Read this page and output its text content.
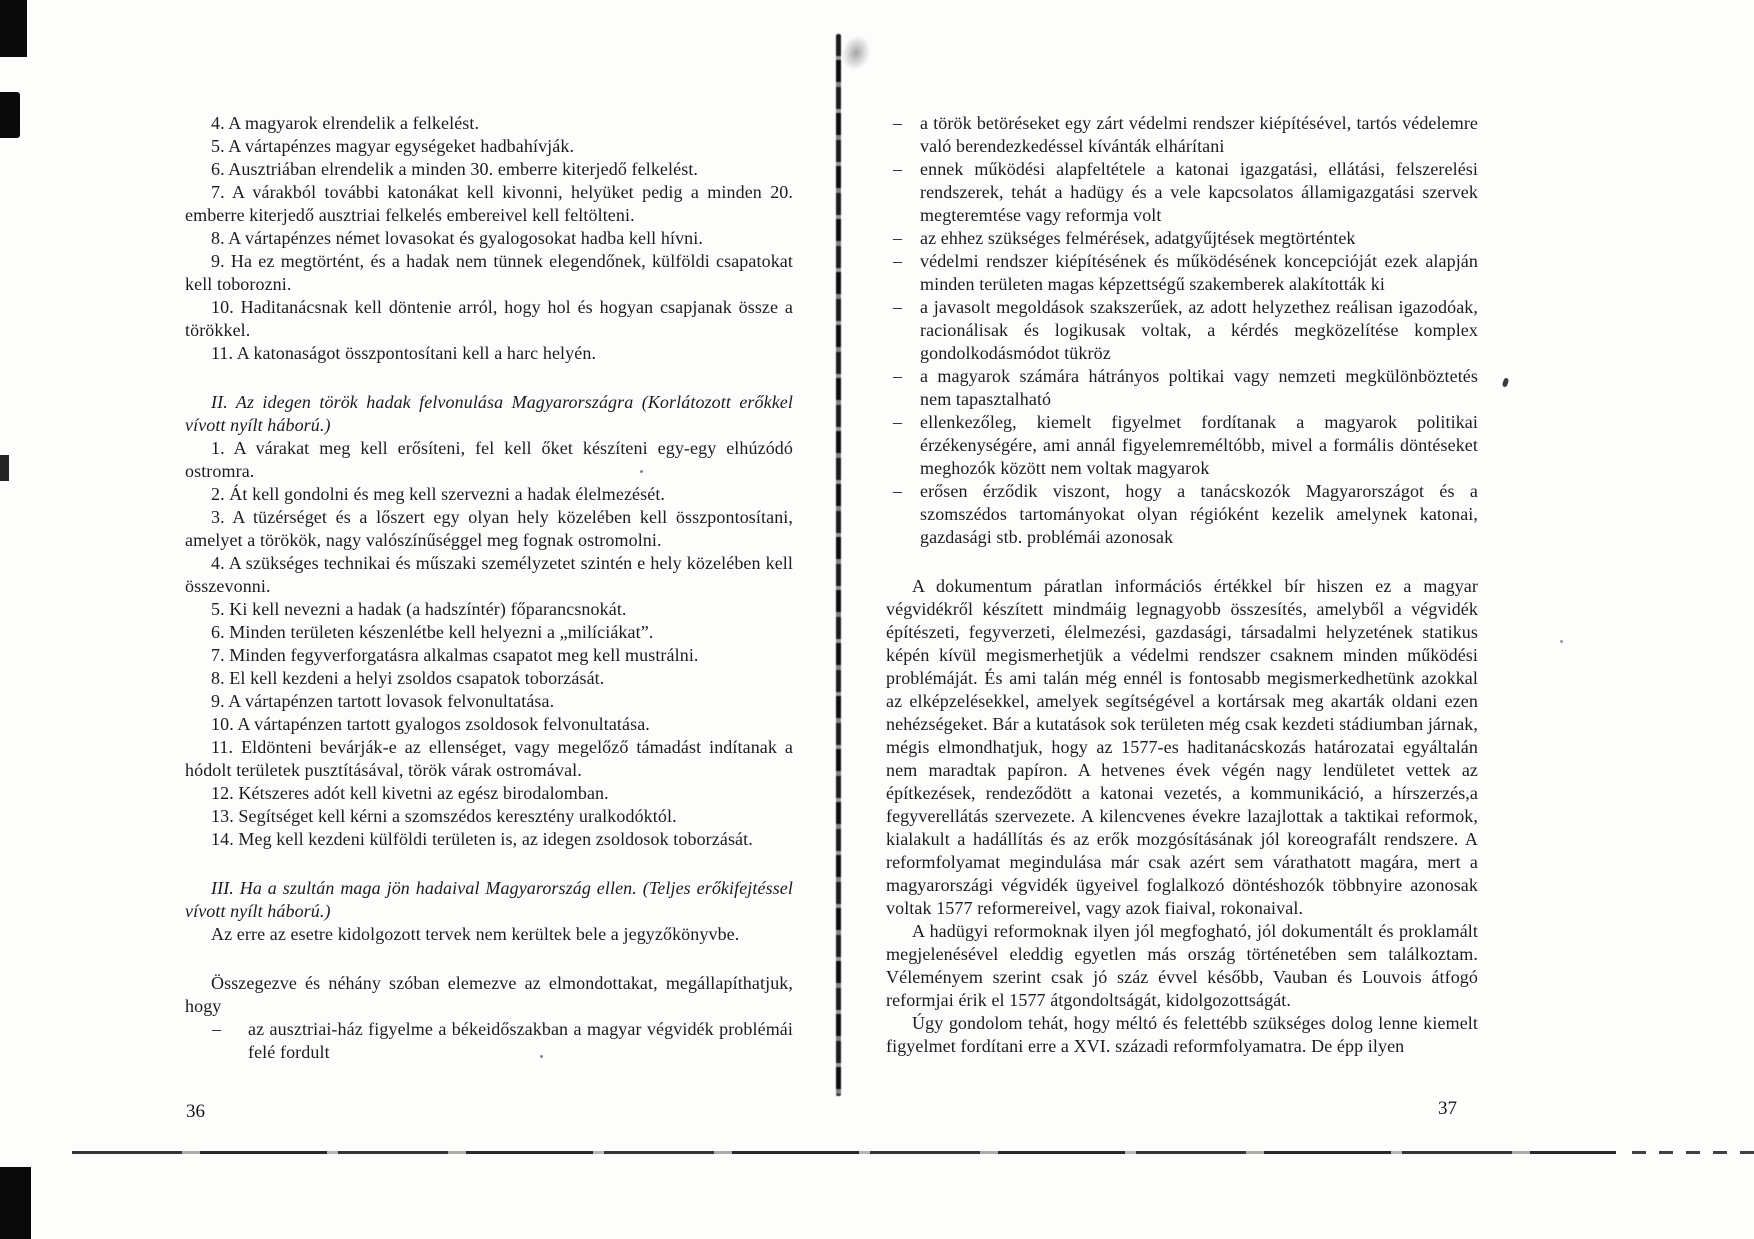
4. A magyarok elrendelik a felkelést.

5. A vártapénzes magyar egységeket hadbahívják.

6. Ausztriában elrendelik a minden 30. emberre kiterjedő felkelést.

7. A várakból további katonákat kell kivonni, helyüket pedig a minden 20. emberre kiterjedő ausztriai felkelés embereivel kell feltölteni.

8. A vártapénzes német lovasokat és gyalogosokat hadba kell hívni.

9. Ha ez megtörtént, és a hadak nem tünnek elegendőnek, külföldi csapatokat kell toborozni.

10. Haditanácsnak kell döntenie arról, hogy hol és hogyan csapjanak össze a törökkel.

11. A katonaságot összpontosítani kell a harc helyén.

II. Az idegen török hadak felvonulása Magyarországra (Korlátozott erőkkel vívott nyílt háború.)

1. A várakat meg kell erősíteni, fel kell őket készíteni egy-egy elhúzódó ostromra.

2. Át kell gondolni és meg kell szervezni a hadak élelmezését.

3. A tüzérséget és a lőszert egy olyan hely közelében kell összpontosítani, amelyet a törökök, nagy valószínűséggel meg fognak ostromolni.

4. A szükséges technikai és műszaki személyzetet szintén e hely közelében kell összevonni.

5. Ki kell nevezni a hadak (a hadszíntér) főparancsnokát.

6. Minden területen készenlétbe kell helyezni a „milíciákat”.

7. Minden fegyverforgatásra alkalmas csapatot meg kell mustrálni.

8. El kell kezdeni a helyi zsoldos csapatok toborzását.

9. A vártapénzen tartott lovasok felvonultatása.

10. A vártapénzen tartott gyalogos zsoldosok felvonultatása.

11. Eldönteni bevárják-e az ellenséget, vagy megelőző támadást indítanak a hódolt területek pusztításával, török várak ostromával.

12. Kétszeres adót kell kivetni az egész birodalomban.

13. Segítséget kell kérni a szomszédos keresztény uralkodóktól.

14. Meg kell kezdeni külföldi területen is, az idegen zsoldosok toborzását.

III. Ha a szultán maga jön hadaival Magyarország ellen. (Teljes erőkifejtéssel vívott nyílt háború.)

Az erre az esetre kidolgozott tervek nem kerültek bele a jegyzőkönyvbe.

Összegezve és néhány szóban elemezve az elmondottakat, megállapíthatjuk, hogy

– az ausztriai-ház figyelme a békeidőszakban a magyar végvidék problémái felé fordult
– a török betöréseket egy zárt védelmi rendszer kiépítésével, tartós védelemre való berendezkedéssel kívánták elhárítani
– ennek működési alapfeltétele a katonai igazgatási, ellátási, felszerelési rendszerek, tehát a hadügy és a vele kapcsolatos államigazgatási szervek megteremtése vagy reformja volt
– az ehhez szükséges felmérések, adatgyűjtések megtörténtek
– védelmi rendszer kiépítésének és működésének koncepcióját ezek alapján minden területen magas képzettségű szakemberek alakították ki
– a javasolt megoldások szakszerűek, az adott helyzethez reálisan igazodóak, racionálisak és logikusak voltak, a kérdés megközelítése komplex gondolkodásmódot tükröz
– a magyarok számára hátrányos poltikai vagy nemzeti megkülönböztetés nem tapasztalható
– ellenkezőleg, kiemelt figyelmet fordítanak a magyarok politikai érzékenységére, ami annál figyelemreméltóbb, mivel a formális döntéseket meghozók között nem voltak magyarok
– erősen érződik viszont, hogy a tanácskozók Magyarországot és a szomszédos tartományokat olyan régióként kezelik amelynek katonai, gazdasági stb. problémái azonosak

A dokumentum páratlan információs értékkel bír hiszen ez a magyar végvidékről készített mindmáig legnagyobb összesítés, amelyből a végvidék építészeti, fegyverzeti, élelmezési, gazdasági, társadalmi helyzetének statikus képén kívül megismerhetjük a védelmi rendszer csaknem minden működési problémáját. És ami talán még ennél is fontosabb megismerkedhetünk azokkal az elképzelésekkel, amelyek segítségével a kortársak meg akarták oldani ezen nehézségeket. Bár a kutatások sok területen még csak kezdeti stádiumban járnak, mégis elmondhatjuk, hogy az 1577-es haditanácskozás határozatai egyáltalán nem maradtak papíron. A hetvenes évek végén nagy lendületet vettek az építkezések, rendeződött a katonai vezetés, a kommunikáció, a hírszerzés,a fegyverellátás szervezete. A kilencvenes évekre lazajlottak a taktikai reformok, kialakult a hadállítás és az erők mozgósításának jól koreografált rendszere. A reformfolyamat megindulása már csak azért sem várathatott magára, mert a magyarországi végvidék ügyeivel foglalkozó döntéshozók többnyire azonosak voltak 1577 reformereivel, vagy azok fiaival, rokonaival.

A hadügyi reformoknak ilyen jól megfogható, jól dokumentált és proklamált megjelenésével eleddig egyetlen más ország történetében sem találkoztam. Véleményem szerint csak jó száz évvel később, Vauban és Louvois átfogó reformjai érik el 1577 átgondoltságát, kidolgozottságát.

Úgy gondolom tehát, hogy méltó és felettébb szükséges dolog lenne kiemelt figyelmet fordítani erre a XVI. századi reformfolyamatra. De épp ilyen

36	37
